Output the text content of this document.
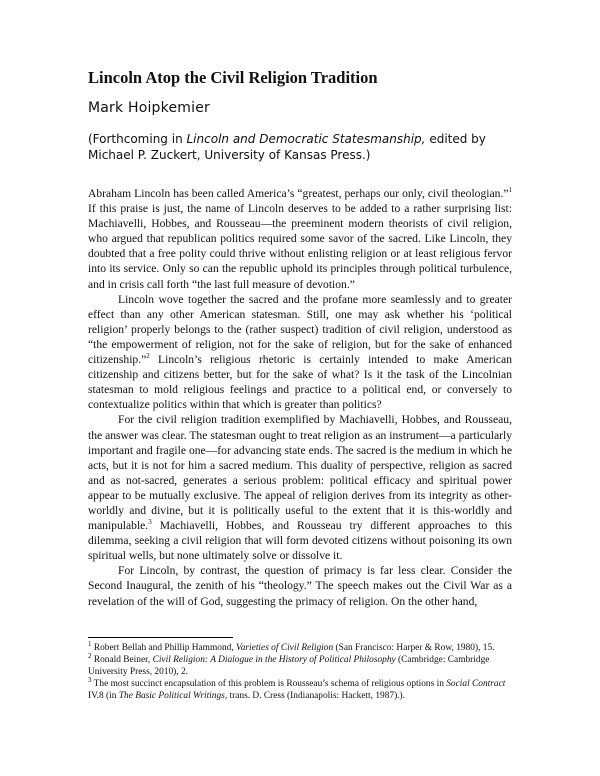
Lincoln Atop the Civil Religion Tradition
Mark Hoipkemier
(Forthcoming in Lincoln and Democratic Statesmanship, edited by Michael P. Zuckert, University of Kansas Press.)

Abraham Lincoln has been called America’s “greatest, perhaps our only, civil theologian.”$^1$ If this praise is just, the name of Lincoln deserves to be added to a rather surprising list: Machiavelli, Hobbes, and Rousseau—the preeminent modern theorists of civil religion, who argued that republican politics required some savor of the sacred. Like Lincoln, they doubted that a free polity could thrive without enlisting religion or at least religious fervor into its service. Only so can the republic uphold its principles through political turbulence, and in crisis call forth “the last full measure of devotion.”

Lincoln wove together the sacred and the profane more seamlessly and to greater effect than any other American statesman. Still, one may ask whether his ‘political religion’ properly belongs to the (rather suspect) tradition of civil religion, understood as “the empowerment of religion, not for the sake of religion, but for the sake of enhanced citizenship.”$^2$ Lincoln’s religious rhetoric is certainly intended to make American citizenship and citizens better, but for the sake of what? Is it the task of the Lincolnian statesman to mold religious feelings and practice to a political end, or conversely to contextualize politics within that which is greater than politics?

For the civil religion tradition exemplified by Machiavelli, Hobbes, and Rousseau, the answer was clear. The statesman ought to treat religion as an instrument—a particularly important and fragile one—for advancing state ends. The sacred is the medium in which he acts, but it is not for him a sacred medium. This duality of perspective, religion as sacred and as not-sacred, generates a serious problem: political efficacy and spiritual power appear to be mutually exclusive. The appeal of religion derives from its integrity as other-worldly and divine, but it is politically useful to the extent that it is this-worldly and manipulable.$^3$ Machiavelli, Hobbes, and Rousseau try different approaches to this dilemma, seeking a civil religion that will form devoted citizens without poisoning its own spiritual wells, but none ultimately solve or dissolve it.

For Lincoln, by contrast, the question of primacy is far less clear. Consider the Second Inaugural, the zenith of his “theology.” The speech makes out the Civil War as a revelation of the will of God, suggesting the primacy of religion. On the other hand,

$^1$ Robert Bellah and Phillip Hammond, Varieties of Civil Religion (San Francisco: Harper & Row, 1980), 15.

$^2$ Ronald Beiner, Civil Religion: A Dialogue in the History of Political Philosophy (Cambridge: Cambridge University Press, 2010), 2.

$^3$ The most succinct encapsulation of this problem is Rousseau’s schema of religious options in Social Contract IV.8 (in The Basic Political Writings, trans. D. Cress (Indianapolis: Hackett, 1987).).
